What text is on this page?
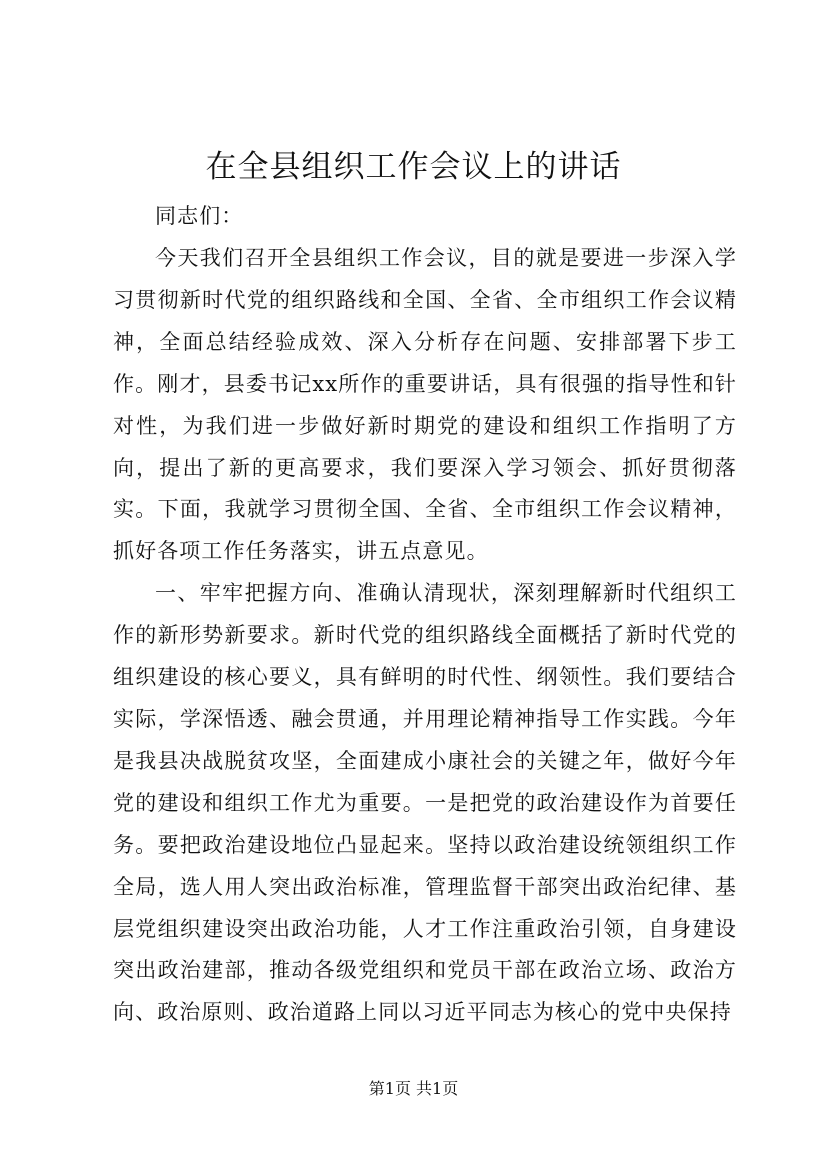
在全县组织工作会议上的讲话

同志们：

今天我们召开全县组织工作会议，目的就是要进一步深入学习贯彻新时代党的组织路线和全国、全省、全市组织工作会议精神，全面总结经验成效、深入分析存在问题、安排部署下步工作。刚才，县委书记xx所作的重要讲话，具有很强的指导性和针对性，为我们进一步做好新时期党的建设和组织工作指明了方向，提出了新的更高要求，我们要深入学习领会、抓好贯彻落实。下面，我就学习贯彻全国、全省、全市组织工作会议精神，抓好各项工作任务落实，讲五点意见。

一、牢牢把握方向、准确认清现状，深刻理解新时代组织工作的新形势新要求。新时代党的组织路线全面概括了新时代党的组织建设的核心要义，具有鲜明的时代性、纲领性。我们要结合实际，学深悟透、融会贯通，并用理论精神指导工作实践。今年是我县决战脱贫攻坚，全面建成小康社会的关键之年，做好今年党的建设和组织工作尤为重要。一是把党的政治建设作为首要任务。要把政治建设地位凸显起来。坚持以政治建设统领组织工作全局，选人用人突出政治标准，管理监督干部突出政治纪律、基层党组织建设突出政治功能，人才工作注重政治引领，自身建设突出政治建部，推动各级党组织和党员干部在政治立场、政治方向、政治原则、政治道路上同以习近平同志为核心的党中央保持

第1页 共1页
